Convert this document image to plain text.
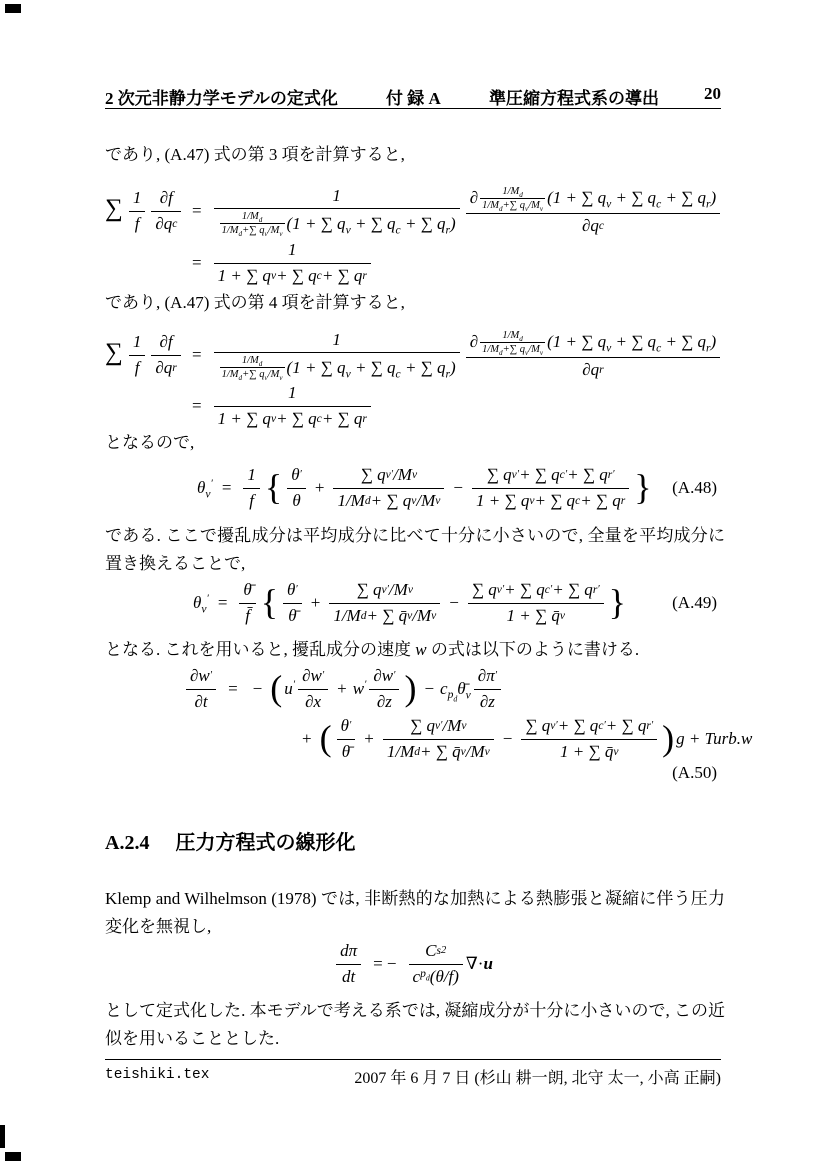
2 次元非静力学モデルの定式化	付 録 A	準圧縮方程式系の導出	20
であり, (A.47) 式の第 3 項を計算すると,
∑ 1
f
∂f
∂q c
= 1
$1/M_d$
$1/M_d+\sum$ $q_v/M_v$
(1 + ∑ $q_v$ + ∑ $q_c$ + ∑ $q_r$) ∂	$1/M_d$
$1/M_d+\sum$ $q_v/M_v$
(1 + ∑ $q_v$ + ∑ $q_c$ + ∑ $q_r$)
∂q c
= $\frac{1}{\text{1 + ∑ q v + ∑ q c + ∑ q r}}$
であり, (A.47) 式の第 4 項を計算すると,
∑ 1
f
∂f
∂q r
= 1
$1/M_d$
$1/M_d+\sum$ $q_v/M_v$
(1 + ∑ $q_v$ + ∑ $q_c$ + ∑ $q_r$) ∂	$1/M_d$
$1/M_d+\sum$ $q_v/M_v$
(1 + ∑ $q_v$ + ∑ $q_c$ + ∑ $q_r$)
∂q r
= $\frac{1}{\text{1 + ∑ q v + ∑ q c + ∑ q r}}$
となるので,
$\theta_v' = \frac{1}{f}$ { θ ′
θ
+ $\frac{\text{∑ q v ′ /M v}}{\text{1/M d + ∑ q v /M v}} - \frac{\text{∑ q v ′ + ∑ q c ′ + ∑ q r ′}}{\text{1 + ∑ q v + ∑ q c + ∑ q r}}$ } (A.48)
である. ここで擾乱成分は平均成分に比べて十分に小さいので, 全量を平均成分に置き換えることで,
$\theta_v' = \frac{\thetā}{f̄}$ { θ ′
θ̄
+ $\frac{\text{∑ q v ′ /M v}}{\text{1/M d + ∑ q̄ v /M v}} - \frac{\text{∑ q v ′ + ∑ q c ′ + ∑ q r ′}}{1 + \sum q̄ v}$ }	(A.49)
となる. これを用いると, 擾乱成分の速度 w の式は以下のように書ける.
$\frac{\partial w '}{\partial t}$ = − ( u′ ∂w ′
∂x
+ w′ ∂w ′
∂z ) − $c_{p_d}\thetā_v$
∂π ′
∂z
+ ( θ ′
θ̄
+ $\frac{\text{∑ q v ′ /M v}}{\text{1/M d + ∑ q̄ v /M v}} - \frac{\text{∑ q v ′ + ∑ q c ′ + ∑ q r ′}}{1 + \sum q̄ v}$ ) g + Turb.w
(A.50)
A.2.4 圧力方程式の線形化
Klemp and Wilhelmson (1978) では, 非断熱的な加熱による熱膨張と凝縮に伴う圧力変化を無視し,
$\frac{d\pi}{dt}$ = −
C s 2
c $p_d$ (θ/f)
∇· u
として定式化した. 本モデルで考える系では, 凝縮成分が十分に小さいので, この近似を用いることとした.
teishiki.tex	2007 年 6 月 7 日 (杉山 耕一朗, 北守 太一, 小高 正嗣)
